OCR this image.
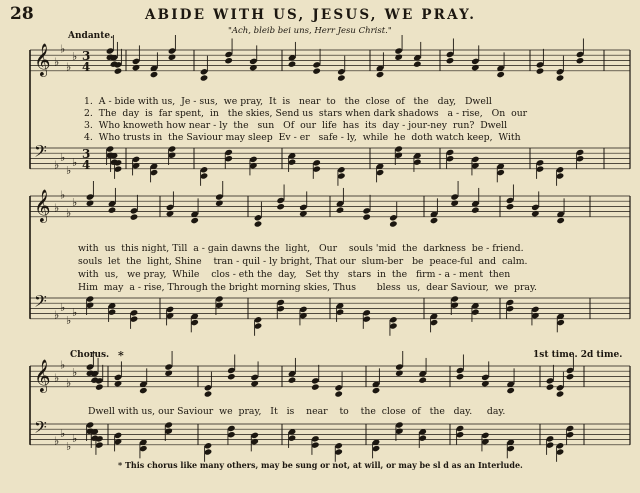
28	ABIDE WITH US, JESUS, WE PRAY.
"Ach, bleib bei uns, Herr Jesu Christ."
Andante.
𝄞 ♭
♭
♭
♭ 3
4
𝄢
♭
♭
♭
♭
3
4
𝄞 ♭
♭
♭
♭
𝄢
♭
♭
♭
♭
𝄞 ♭
♭
♭
♭
𝄢
♭
♭
♭
♭
1.  A - bide with us,  Je - sus,  we pray,  It  is   near  to   the  close  of   the   day,   Dwell
2.  The  day  is  far spent,  in   the skies, Send us  stars when dark shadows   a - rise,   On  our
3.  Who knoweth how near - ly  the   sun   Of  our  life  has  its  day - jour-ney  run?  Dwell
4.  Who trusts in  the Saviour may sleep  Ev - er   safe - ly,  while  he  doth watch keep,  With
with  us  this night, Till  a - gain dawns the  light,   Our    souls 'mid  the  darkness  be - friend.
souls  let  the  light, Shine    tran - quil - ly bright, That our  slum-ber   be  peace-ful  and  calm.
with  us,   we pray,  While    clos - eth the  day,   Set thy   stars  in  the   firm - a - ment  then
Him  may  a - rise, Through the bright morning skies, Thus       bless  us,  dear Saviour,  we  pray.
Chorus. *	1st time. 2d time.
Dwell with us, our Saviour  we  pray,   It   is    near    to    the  close  of   the   day.     day.
* This chorus like many others, may be sung or not, at will, or may be sl d as an Interlude.
